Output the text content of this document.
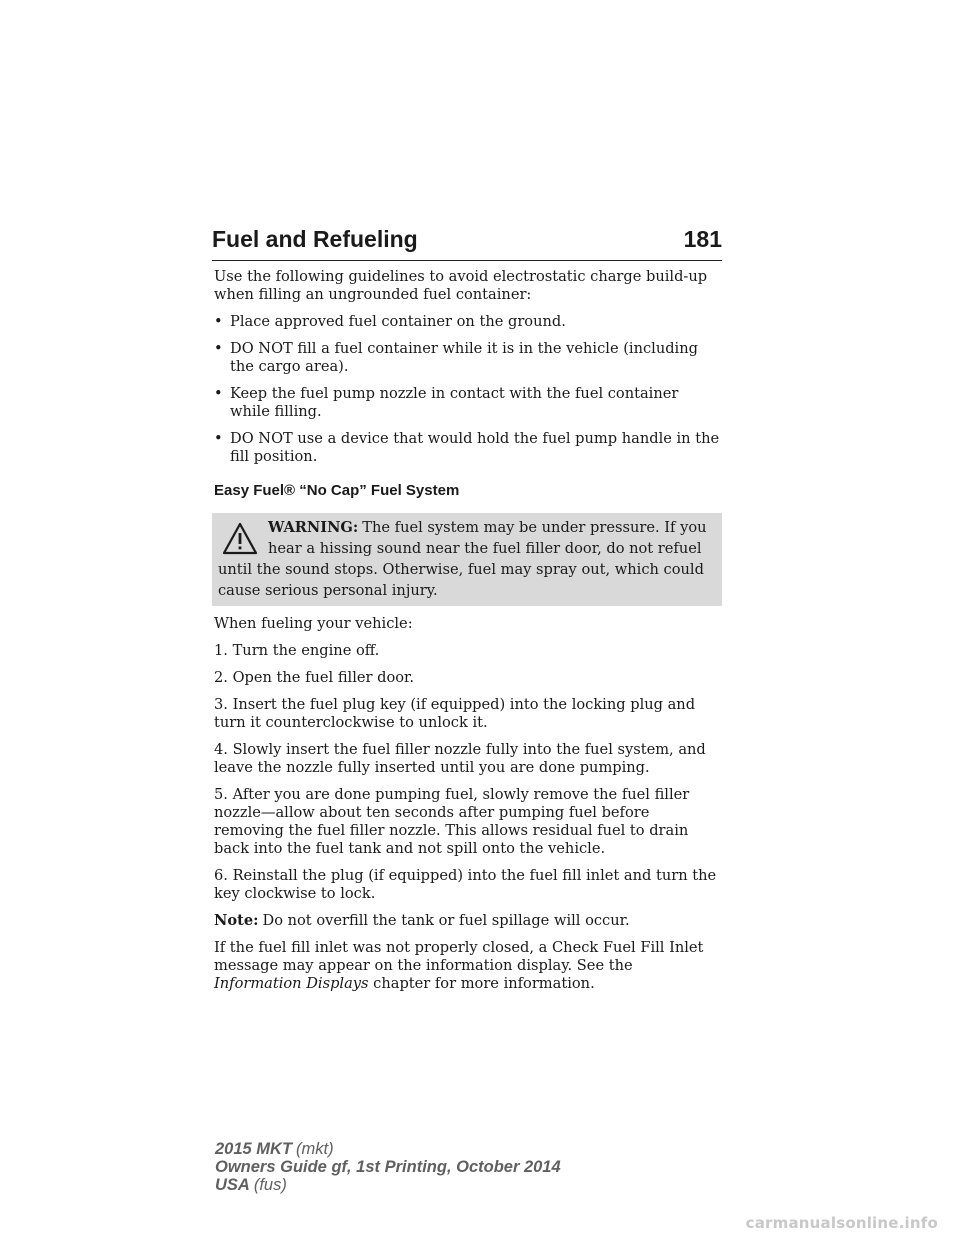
Fuel and Refueling	181

Use the following guidelines to avoid electrostatic charge build-up when filling an ungrounded fuel container:

• Place approved fuel container on the ground.
• DO NOT fill a fuel container while it is in the vehicle (including the cargo area).
• Keep the fuel pump nozzle in contact with the fuel container while filling.
• DO NOT use a device that would hold the fuel pump handle in the fill position.
Easy Fuel® “No Cap” Fuel System
WARNING: The fuel system may be under pressure. If you hear a hissing sound near the fuel filler door, do not refuel until the sound stops. Otherwise, fuel may spray out, which could cause serious personal injury.

When fueling your vehicle:

1. Turn the engine off.

2. Open the fuel filler door.

3. Insert the fuel plug key (if equipped) into the locking plug and turn it counterclockwise to unlock it.

4. Slowly insert the fuel filler nozzle fully into the fuel system, and leave the nozzle fully inserted until you are done pumping.

5. After you are done pumping fuel, slowly remove the fuel filler nozzle—allow about ten seconds after pumping fuel before removing the fuel filler nozzle. This allows residual fuel to drain back into the fuel tank and not spill onto the vehicle.

6. Reinstall the plug (if equipped) into the fuel fill inlet and turn the key clockwise to lock.

Note: Do not overfill the tank or fuel spillage will occur.

If the fuel fill inlet was not properly closed, a Check Fuel Fill Inlet message may appear on the information display. See the Information Displays chapter for more information.

2015 MKT (mkt)
Owners Guide gf, 1st Printing, October 2014
USA (fus)
carmanualsonline.info
